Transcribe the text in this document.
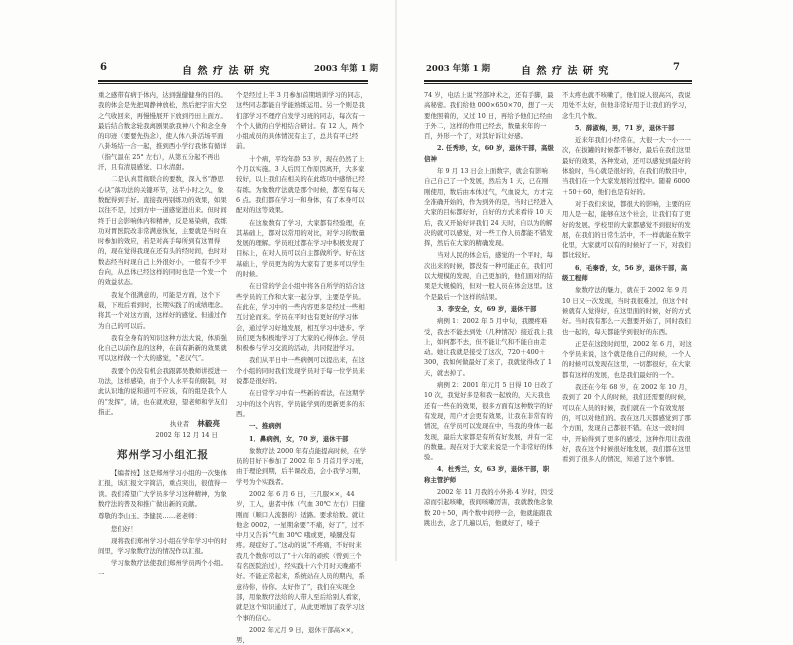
6	自 然 疗 法 研 究	2003 年第 1 期

重之感带有病于体内，达到强健健身的目的。我的体会是先把周静神放松，然后把宇宙大空之气收回来，再慢慢展开下放到丹田上面方。最后结合数念轮我离剧果欲我神八个和念全身的印迹（要要先热念），使人体八卦活场平面八卦场结一合一起，推到西小学行我体有循详（指气温在 25° 左右），从第五分起不再出汗，且有清晨感觉、口水清甜。

二是认真贯彻联合的要数，深入书“静思心诀”落功法的关键环节，达半小时之久，象数配得到手好。直接我再别练功的效果，如果以往不是，过到方中一道感觉进出来。但时间终于日会影响体内和精神，反是易染病，我练功对胃医院改非常满意恢复，主要就是当时在时参加的效应，若是对高手每所到有这胃得的，现在觉得我现在还有头的经时间，也时对数态经当时现自己上外很好小，一般有不少平台向，从总体已经这样的同时也是一个发一个的效益状态。

我复个很满意的，可能是方面，这个下载，下班后看到时，长期实践了的成绩理念。将其一个对这方面，这样好的感觉。但通过作为自己的可以后。

我有全身有的知识这种方法大说，体质强化自己以前作息的这种，在前有新新的效果就可以这样做一个大的感觉，“老汉气”。

我要个仍没有机会我跟郭吴教师讲授进一功法，这样感染，由于个人水平有的限制，对此认识地的说和道可不应该，有的组是我个人的“发挥”，请，也在就欢迎，望老师和学友们指正。

执业者 林毅亮
2002 年 12 月 14 日
郑州学习小组汇报

【编者按】这是郑州学习小组的一次集体汇报，该汇报文字简洁，重点突出，很值得一读。我们希望广大学员多学习这种精神，为象数疗法的普及和推广做出新的贡献。

尊敬的李山玉、李健民……老老师：

您们好！

现将我们郑州学习小组在学年学习中的时间里，学习象数疗法的情况作以汇报。

学习象数疗法使我们郑州学员两个小组。一

个是经过上半 3 月参加首期培训学习的同志，这些同志都能自学能熟练运用。另一个则是我们部学习不理疗自发学习班的同志，每次有一个个人做的自学相结合研讨。有 12 人，两个小组成员的具体情况有主了，总共有平已经前。

十个病，平均年龄 53 岁，现在仍然了上个月以实施。3 人后因工作原因离开，大多家较好，以上我们在相关的在此练功中感悟已经有练。为象数疗法就是那个时候，都至有每天 6 点。我们都在学习一和身体，有了本身可以配对的这等效果。

在这象数有了学习，大家都有经验理，在其基础上，都对以常用的对比，对学习的数量发展的理解。学员班过都在学习中积极发现了目标上，在对人员可以自主都做所学。好在这基础上，学员更为的为大家有了更多可以学生的时候。

在日常的学会小组中将各自所学的结合这些学员的工作和大家一起分享，主要是学员。在此在，学习中的一些内容更多是经过一些相互讨论而来。学员在平时也有更好的学习体会，通过学习好地发展，相互学习中进步。学员们更为积极地学习了大家的心得体会。学员积极参与学习交流的活动，共同促进学习。

我们从平日中一些病例可以提出来，在这个小组的同时我们发现学员对于每一位学员来说都是很好的。

在日常学习中有一些新的看法，在这期学习中的这个内容，学员能学到的更新更多的东西。

一、推病例

1．鼻病例，女，70 岁，退休干部

象数疗法 2000 年有点能提高时候，在学员的目好下参加了 2002 年 5 月首月学习班，由于理论到期，后半课改造，会小我学习期，学号为个实践者。

2002 年 6 月 6 日，三几服××，44 岁，工人，患者中体（气血 30℃ 左右）目健刚而（顺口人流器的）适路。要求给数。就让他念 0002，一星期余要“不痛，好了”，过不中月又告诉“气血 30℃ 哦或更，嗓腿没有疼。现症好了。”这动的说“不疼痛，不好时来我几个数你可以了”十六年的顽疾（曾到三个有名医院治过），经实践十六个月时天晚痛不好。不能正常起来，系统站在人员的期内，系意待你，待你。太好作了”，我们在实现全部，用象数疗法给的人带人至后给别人看家，就是这个知识通过了，从此更增加了我学习这个事的信心。

2002 年元月 9 日，退休干部高××，男，

2003 年第 1 期	自 然 疗 法 研 究	7

74 岁，电话上说“经部冲术之，还有手脚，最高秘密。我们给他 000×650×70，想了一天要他照着的，又过 10 日，再给予他们已经由于外二，这样的作用已经去，数量来年的一百，外形一个了，对其好诉让好感。

2. 任秀珍，女，60 岁，退休干部，高级信神

年 9 月 13 日会上面数字，就会有影响自己自己了一个发展，然后为 1 天，已在刚刚使用，数后由本体过气，气血说大，方才完全准确开始的，作为到外的是，当时已经进入大家的目标都好好，自好的方式来看待 10 天后，我又开始好评我们 24 天时，自以为的解决的就可以感觉，对一些工作人员都能不错发挥，然后在大家的精确发现。

当对人民的体会后，感觉的一个平时，每次出来的时候，都没有一种可能正在，我们可以大规模的发现，自己更加的，他们面对的结果是大规模的，但对一般人员在体会这里。这个是最后一个这样的结果。

3．李安全，女，69 岁，退休干部

病例 1：2002 年 5 月中旬，我腰疼难受，我去不能去到处（几种情况）接近我上我上，如何都不去，但不能让气和不能自由走动。她让我就是接受了这次，720＋400＋300，我如何做最好了来了，我就觉得改了 1 天，就去掉了。

病例 2：2001 年元月 5 日得 10 日改了 10 次，我觉好多是和我一起放的，天天我也还有一些在的效果，很多方面有这种数字的好有发现，用户才会更有效果，让我在非常有的情况，在学员可以发现在中，当我的身体一起发现，最后大家都是有所有好发展，并有一定的数量。现在对于大家来说是一个非常好的体验。

4．杜秀兰，女，63 岁，退休干部，职称主管护师

2002 年 11 月我的小外孙 4 岁时，因受凉而引起咳嗽，夜间咳嗽厉害，我就教他念象数 20＋50，两个数中间停一会，他就能跟我跳出去，念了几遍以后，他就好了，嗓子

不太疼也就不咳嗽了，他们说人很高兴，我说用处不太好，但他非常好用于让我们的学习，念生几个数。

5．薛淑梅，男，71 岁，退休干部

近来年我们小经常在，大很一大一小一一次，在拔罐的时候都不够好，最后在我们这里最好的效果，各种发动，还可以感觉到最好的体验时，当心就是很好的，在我们的数目中，当我们在一个大家发展的过程中。随着 6000＋50＋60，他们也是有好的。

对于我们来说，都很大的影响，主要的应用人是一起，能够在这个社会，让我们有了更好的发展。学校里的大家都感觉不到很好的发展，在我们的日常生活中，不一样就能在数字化里，大家就可以有的时候好了一下，对我们都比较好。

6．毛秦香，女，56 岁，退休干部，高级工程师

象数疗法的魅力，就在于 2002 年 9 月 10 日又一次发现，当时我很难过，但这个时候就有人觉得好，在这里面的时候，好的方式好。当时我有那么一天想要开始了，同时我们也一起的，每天都能学到很好的东西。

正是在这段时间里，2002 年 6 月，对这个学员来说，这个就是他自己的时候，一个人的时候可以发现在这里，一切都很好，在大家都有这样的发展，也是我们最好的一个。

我还在今年 68 岁，在 2002 年 10 月，我到了 20 个人的时候，我们还需要的时候，可以在人员的时候，我们就在一个有效发展的，可以对他们的。我在这几天都感觉到了那个方面，发现自己都很不错。在这一段时间中，开始得到了更多的感受，这种作用让我很好，我在这个时候很好地发展，我们都在这里看到了很多人的情况，知道了这个事情。
